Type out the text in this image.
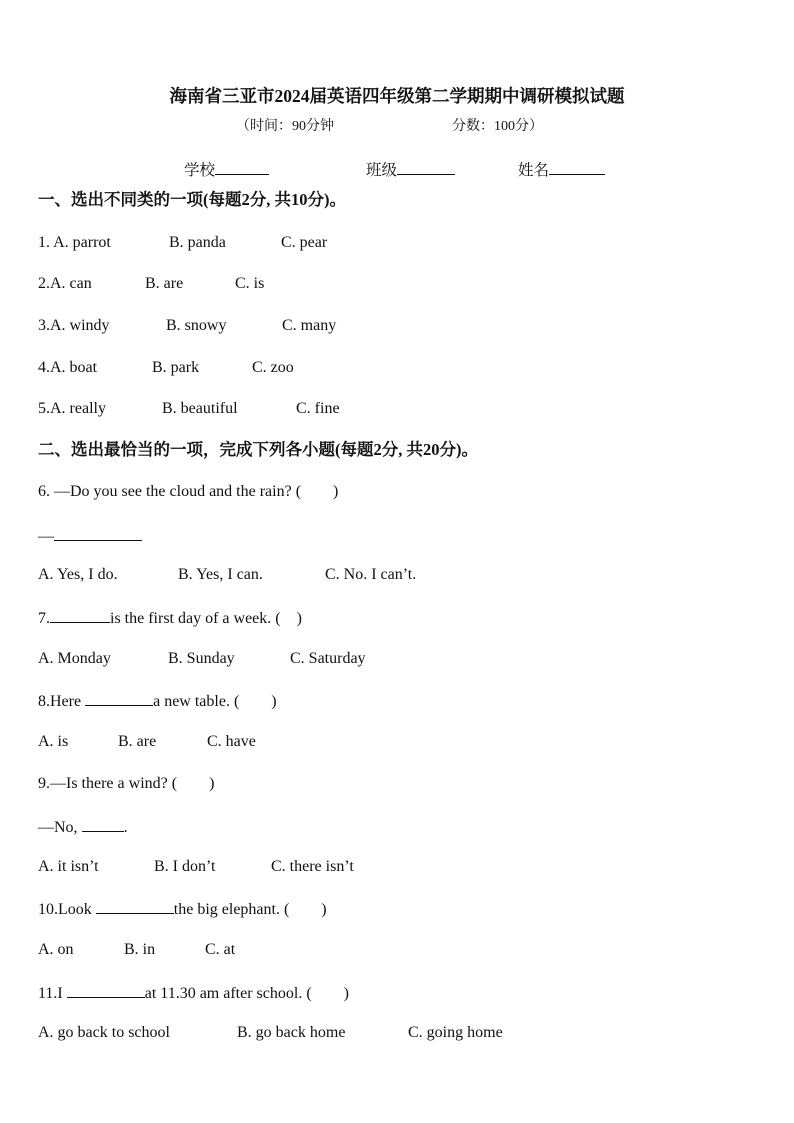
海南省三亚市2024届英语四年级第二学期期中调研模拟试题
（时间：90分钟	分数：100分）
学校	班级	姓名
一、选出不同类的一项(每题2分, 共10分)。
1. A. parrot	B. panda	C. pear
2.A. can	B. are	C. is
3.A. windy	B. snowy	C. many
4.A. boat	B. park	C. zoo
5.A. really	B. beautiful	C. fine
二、选出最恰当的一项，完成下列各小题(每题2分, 共20分)。
6. —Do you see the cloud and the rain? (　　)
—
A. Yes, I do.	B. Yes, I can.	C. No. I can’t.
7.	is the first day of a week. (　)
A. Monday	B. Sunday	C. Saturday
8.Here	a new table. (　　)
A. is	B. are	C. have
9.—Is there a wind? (　　)
—No,	.
A. it isn’t	B. I don’t	C. there isn’t
10.Look	the big elephant. (　　)
A. on	B. in	C. at
11.I	at 11.30 am after school. (　　)
A. go back to school	B. go back home	C. going home
